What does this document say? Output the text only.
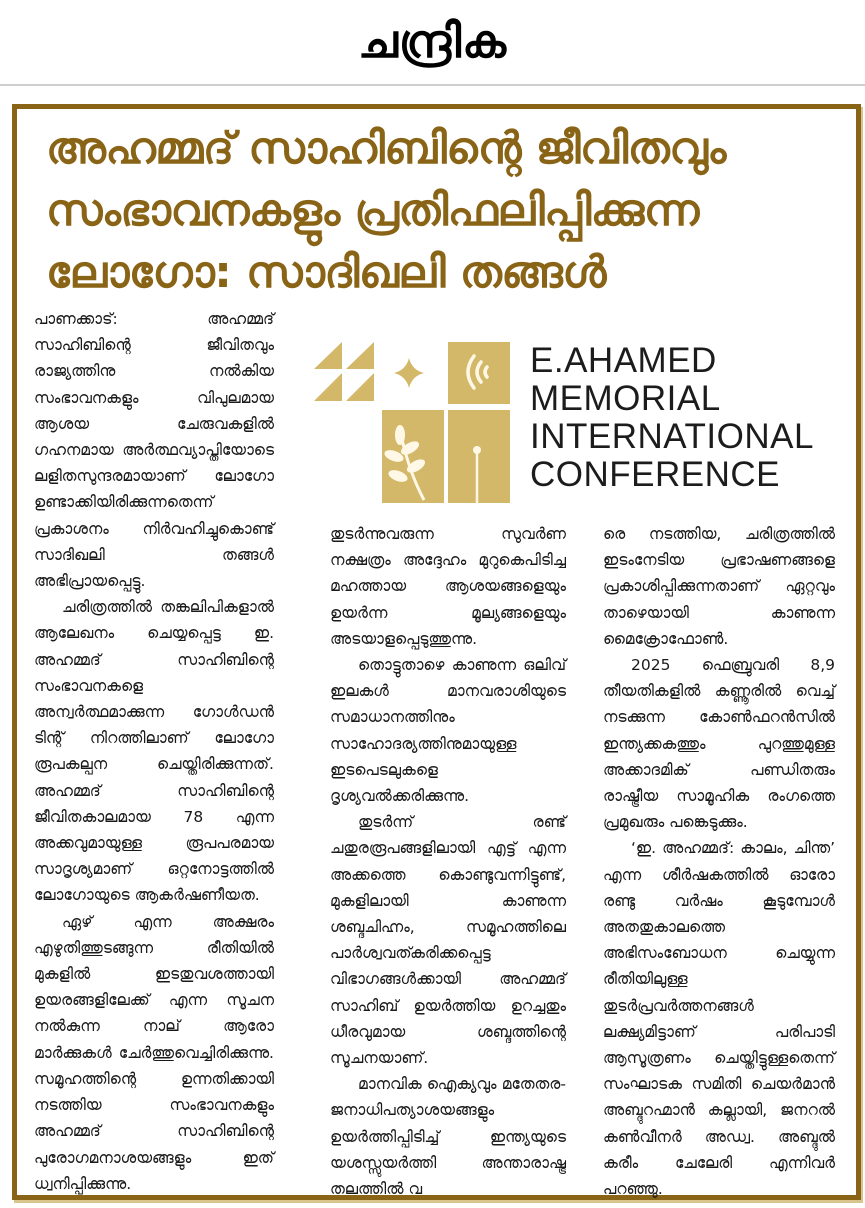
ചന്ദ്രിക
അഹമ്മദ് സാഹിബിന്റെ ജീവിതവും
സംഭാവനകളും പ്രതിഫലിപ്പിക്കുന്ന
ലോഗോ: സാദിഖലി തങ്ങൾ
E.AHAMED
MEMORIAL
INTERNATIONAL
CONFERENCE

പാണക്കാട്: അഹമ്മദ് സാഹിബിന്റെ ജീവിതവും രാജ്യത്തിനു നൽകിയ സംഭാവനകളും വിപുലമായ ആശയ ചേരുവകളിൽ ഗഹനമായ അർത്ഥവ്യാപ്തിയോടെ ലളിതസുന്ദരമായാണ് ലോഗോ ഉണ്ടാക്കിയിരിക്കുന്നതെന്ന് പ്രകാശനം നിർവഹിച്ചുകൊണ്ട് സാദിഖലി തങ്ങൾ അഭിപ്രായപ്പെട്ടു.

ചരിത്രത്തിൽ തങ്കലിപികളാൽ ആലേഖനം ചെയ്യപ്പെട്ട ഇ. അഹമ്മദ് സാഹിബിന്റെ സംഭാവനകളെ അന്വർത്ഥമാക്കുന്ന ഗോൾഡൻ ടിന്റ് നിറത്തിലാണ് ലോഗോ രൂപകല്പന ചെയ്തിരിക്കുന്നത്. അഹമ്മദ് സാഹിബിന്റെ ജീവിതകാലമായ 78 എന്ന അക്കവുമായുള്ള രൂപപരമായ സാദൃശ്യമാണ് ഒറ്റനോട്ടത്തിൽ ലോഗോയുടെ ആകർഷണീയത.

ഏഴ് എന്ന അക്ഷരം എഴുതിത്തുടങ്ങുന്ന രീതിയിൽ മുകളിൽ ഇടതുവശത്തായി ഉയരങ്ങളിലേക്ക് എന്ന സൂചന നൽകുന്ന നാല് ആരോ മാർക്കുകൾ ചേർത്തുവെച്ചിരിക്കുന്നു. സമൂഹത്തിന്റെ ഉന്നതിക്കായി നടത്തിയ സംഭാവനകളും അഹമ്മദ് സാഹിബിന്റെ പുരോഗമനാശയങ്ങളും ഇത് ധ്വനിപ്പിക്കുന്നു.

തുടർന്നുവരുന്ന സുവർണ നക്ഷത്രം അദ്ദേഹം മുറുകെപിടിച്ച മഹത്തായ ആശയങ്ങളെയും ഉയർന്ന മൂല്യങ്ങളെയും അടയാളപ്പെടുത്തുന്നു.

തൊട്ടുതാഴെ കാണുന്ന ഒലിവ് ഇലകൾ മാനവരാശിയുടെ സമാധാനത്തിനും സാഹോദര്യത്തിനുമായുള്ള ഇടപെടലുകളെ ദൃശ്യവൽക്കരിക്കുന്നു.

തുടർന്ന് രണ്ട് ചതുരരൂപങ്ങളിലായി എട്ട് എന്ന അക്കത്തെ കൊണ്ടുവന്നിട്ടുണ്ട്, മുകളിലായി കാണുന്ന ശബ്ദചിഹ്നം, സമൂഹത്തിലെ പാർശ്വവത്കരിക്കപ്പെട്ട വിഭാഗങ്ങൾക്കായി അഹമ്മദ് സാഹിബ് ഉയർത്തിയ ഉറച്ചതും ധീരവുമായ ശബ്ദത്തിന്റെ സൂചനയാണ്.

മാനവിക ഐക്യവും മതേതര-ജനാധിപത്യാശയങ്ങളും ഉയർത്തിപ്പിടിച്ച് ഇന്ത്യയുടെ യശസ്സുയർത്തി അന്താരാഷ്ട്ര തലത്തിൽ വ

രെ നടത്തിയ, ചരിത്രത്തിൽ ഇടംനേടിയ പ്രഭാഷണങ്ങളെ പ്രകാശിപ്പിക്കുന്നതാണ് ഏറ്റവും താഴെയായി കാണുന്ന മൈക്രോഫോൺ.

2025 ഫെബ്രുവരി 8,9 തീയതികളിൽ കണ്ണൂരിൽ വെച്ച് നടക്കുന്ന കോൺഫറൻസിൽ ഇന്ത്യക്കകത്തും പുറത്തുമുള്ള അക്കാദമിക് പണ്ഡിതരും രാഷ്ട്രീയ സാമൂഹിക രംഗത്തെ പ്രമുഖരും പങ്കെടുക്കും.

‘ഇ. അഹമ്മദ്: കാലം, ചിന്ത’ എന്ന ശീർഷകത്തിൽ ഓരോ രണ്ടു വർഷം കൂടുമ്പോൾ അതതുകാലത്തെ അഭിസംബോധന ചെയ്യുന്ന രീതിയിലുള്ള തുടർപ്രവർത്തനങ്ങൾ ലക്ഷ്യമിട്ടാണ് പരിപാടി ആസൂത്രണം ചെയ്തിട്ടുള്ളതെന്ന് സംഘാടക സമിതി ചെയർമാൻ അബ്ദുറഹ്മാൻ കല്ലായി, ജനറൽ കൺവീനർ അഡ്വ. അബ്ദുൽ കരീം ചേലേരി എന്നിവർ പറഞ്ഞു.
